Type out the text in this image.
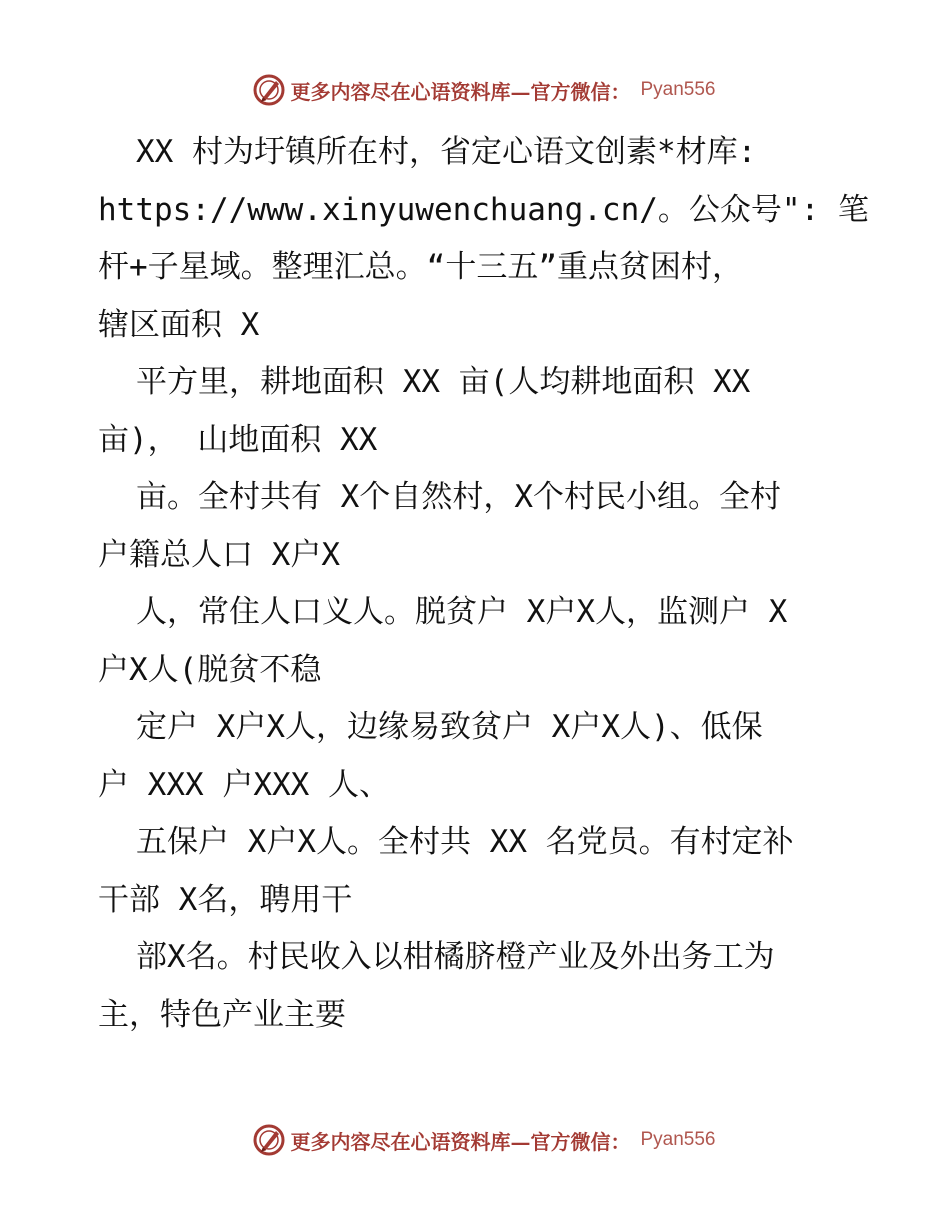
更多内容尽在心语资料库—官方微信： Pyan556
XX 村为圩镇所在村，省定心语文创素*材库:
https://www.xinyuwenchuang.cn/。公众号": 笔
杆+子星域。整理汇总。“十三五”重点贫困村，
辖区面积 X
平方里，耕地面积 XX 亩(人均耕地面积 XX
亩)， 山地面积 XX
亩。全村共有 X个自然村，X个村民小组。全村
户籍总人口 X户X
人，常住人口义人。脱贫户 X户X人，监测户 X
户X人(脱贫不稳
定户 X户X人，边缘易致贫户 X户X人)、低保
户 XXX 户XXX 人、
五保户 X户X人。全村共 XX 名党员。有村定补
干部 X名，聘用干
部X名。村民收入以柑橘脐橙产业及外出务工为
主，特色产业主要
更多内容尽在心语资料库—官方微信： Pyan556
